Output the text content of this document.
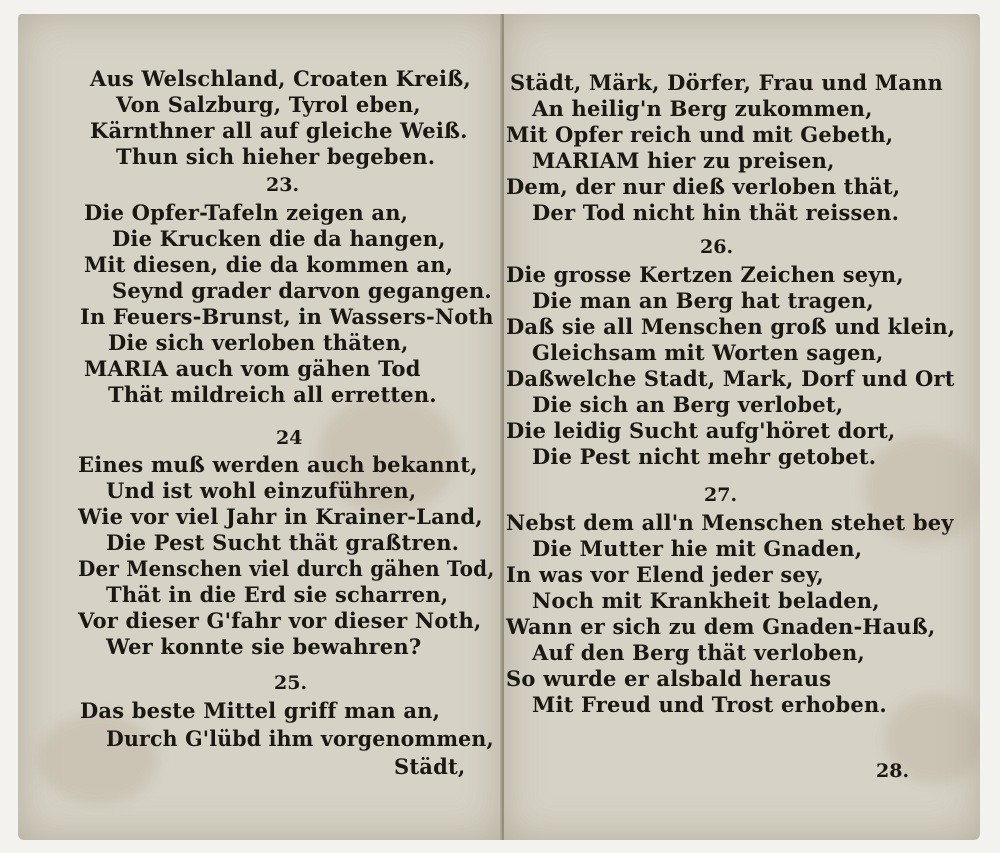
Aus Welschland, Croaten Kreiß,
Von Salzburg, Tyrol eben,
Kärnthner all auf gleiche Weiß.
Thun sich hieher begeben.
23.
Die Opfer-Tafeln zeigen an,
Die Krucken die da hangen,
Mit diesen, die da kommen an,
Seynd grader darvon gegangen.
In Feuers-Brunst, in Wassers-Noth
Die sich verloben thäten,
MARIA auch vom gähen Tod
Thät mildreich all erretten.
24
Eines muß werden auch bekannt,
Und ist wohl einzuführen,
Wie vor viel Jahr in Krainer-Land,
Die Pest Sucht thät graßtren.
Der Menschen viel durch gähen Tod,
Thät in die Erd sie scharren,
Vor dieser G'fahr vor dieser Noth,
Wer konnte sie bewahren?
25.
Das beste Mittel griff man an,
Durch G'lübd ihm vorgenommen,
Städt,
Städt, Märk, Dörfer, Frau und Mann
An heilig'n Berg zukommen,
Mit Opfer reich und mit Gebeth,
MARIAM hier zu preisen,
Dem, der nur dieß verloben thät,
Der Tod nicht hin thät reissen.
26.
Die grosse Kertzen Zeichen seyn,
Die man an Berg hat tragen,
Daß sie all Menschen groß und klein,
Gleichsam mit Worten sagen,
Daßwelche Stadt, Mark, Dorf und Ort
Die sich an Berg verlobet,
Die leidig Sucht aufg'höret dort,
Die Pest nicht mehr getobet.
27.
Nebst dem all'n Menschen stehet bey
Die Mutter hie mit Gnaden,
In was vor Elend jeder sey,
Noch mit Krankheit beladen,
Wann er sich zu dem Gnaden-Hauß,
Auf den Berg thät verloben,
So wurde er alsbald heraus
Mit Freud und Trost erhoben.
28.
